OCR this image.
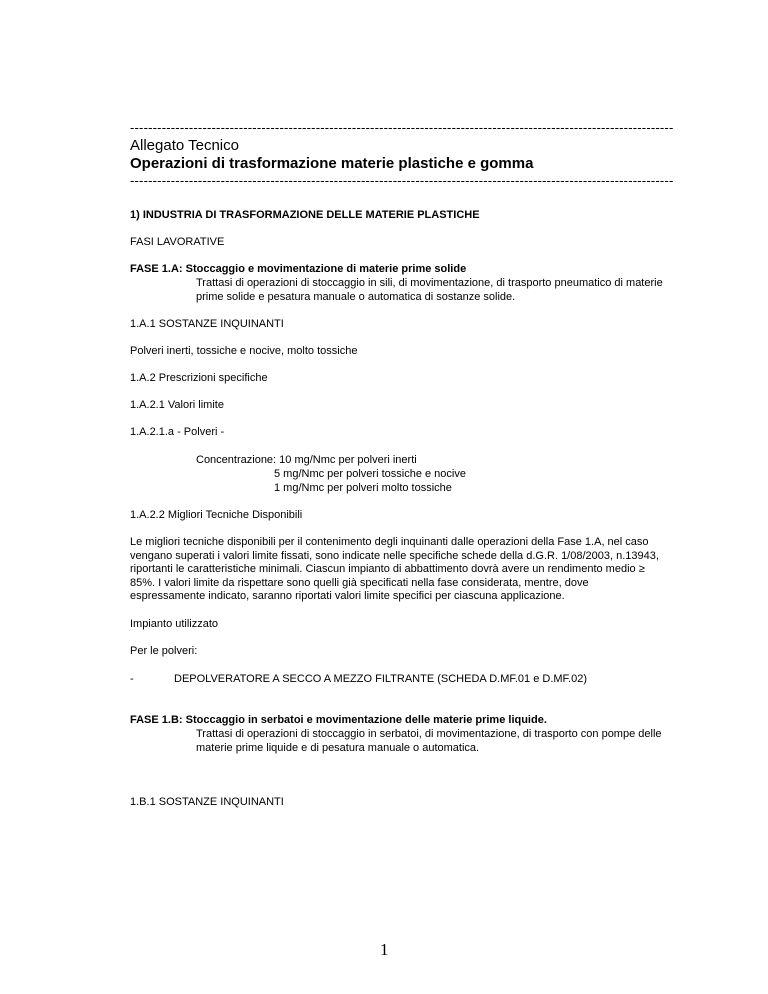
------------------------------------------------------------------------------------------------------------------------
Allegato Tecnico
Operazioni di trasformazione materie plastiche e gomma
------------------------------------------------------------------------------------------------------------------------
1) INDUSTRIA DI TRASFORMAZIONE DELLE MATERIE PLASTICHE
FASI LAVORATIVE
FASE 1.A: Stoccaggio e movimentazione di materie prime solide
Trattasi di operazioni di stoccaggio in sili, di movimentazione, di trasporto pneumatico di materie
prime solide e pesatura manuale o automatica di sostanze solide.
1.A.1 SOSTANZE INQUINANTI
Polveri inerti, tossiche e nocive, molto tossiche
1.A.2 Prescrizioni specifiche
1.A.2.1 Valori limite
1.A.2.1.a - Polveri -
Concentrazione: 10 mg/Nmc per polveri inerti
5 mg/Nmc per polveri tossiche e nocive
1 mg/Nmc per polveri molto tossiche
1.A.2.2 Migliori Tecniche Disponibili
Le migliori tecniche disponibili per il contenimento degli inquinanti dalle operazioni della Fase 1.A, nel caso
vengano superati i valori limite fissati, sono indicate nelle specifiche schede della d.G.R. 1/08/2003, n.13943,
riportanti le caratteristiche minimali. Ciascun impianto di abbattimento dovrà avere un rendimento medio ≥
85%. I valori limite da rispettare sono quelli già specificati nella fase considerata, mentre, dove
espressamente indicato, saranno riportati valori limite specifici per ciascuna applicazione.
Impianto utilizzato
Per le polveri:
-	DEPOLVERATORE A SECCO A MEZZO FILTRANTE (SCHEDA D.MF.01 e D.MF.02)
FASE 1.B: Stoccaggio in serbatoi e movimentazione delle materie prime liquide.
Trattasi di operazioni di stoccaggio in serbatoi, di movimentazione, di trasporto con pompe delle
materie prime liquide e di pesatura manuale o automatica.
1.B.1 SOSTANZE INQUINANTI
1
